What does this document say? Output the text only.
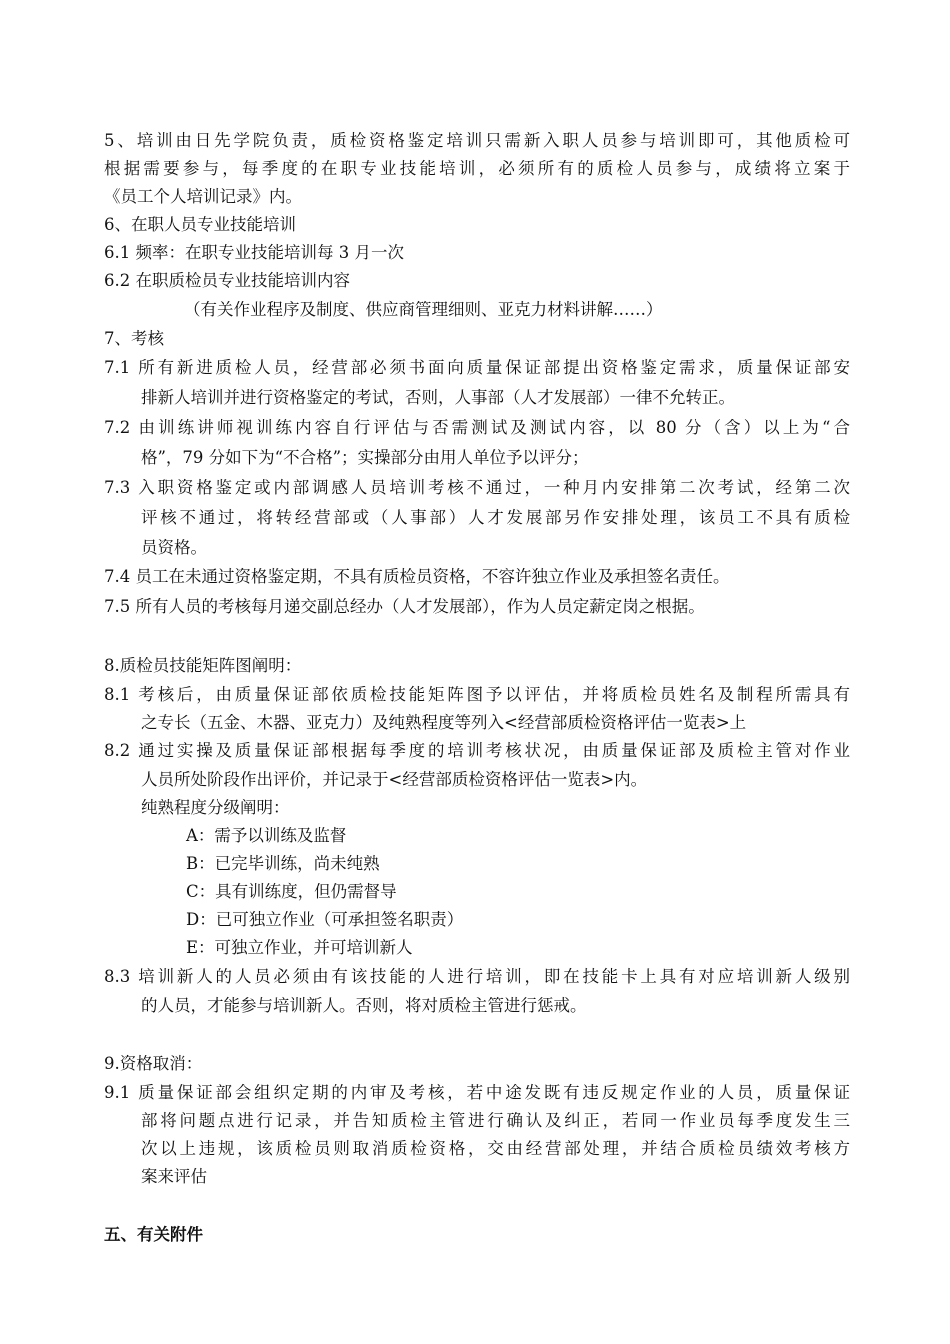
5、培训由日先学院负责，质检资格鉴定培训只需新入职人员参与培训即可，其他质检可
根据需要参与，每季度的在职专业技能培训，必须所有的质检人员参与，成绩将立案于
《员工个人培训记录》内。
6、在职人员专业技能培训
6.1 频率：在职专业技能培训每 3 月一次
6.2 在职质检员专业技能培训内容
（有关作业程序及制度、供应商管理细则、亚克力材料讲解……）
7、考核
7.1 所有新进质检人员，经营部必须书面向质量保证部提出资格鉴定需求，质量保证部安
排新人培训并进行资格鉴定的考试，否则，人事部（人才发展部）一律不允转正。
7.2 由训练讲师视训练内容自行评估与否需测试及测试内容，以 80 分（含）以上为“合
格”，79 分如下为“不合格”；实操部分由用人单位予以评分；
7.3 入职资格鉴定或内部调感人员培训考核不通过，一种月内安排第二次考试，经第二次
评核不通过，将转经营部或（人事部）人才发展部另作安排处理，该员工不具有质检
员资格。
7.4 员工在未通过资格鉴定期，不具有质检员资格，不容许独立作业及承担签名责任。
7.5 所有人员的考核每月递交副总经办（人才发展部），作为人员定薪定岗之根据。
8.质检员技能矩阵图阐明：
8.1 考核后，由质量保证部依质检技能矩阵图予以评估，并将质检员姓名及制程所需具有
之专长（五金、木器、亚克力）及纯熟程度等列入<经营部质检资格评估一览表>上
8.2 通过实操及质量保证部根据每季度的培训考核状况，由质量保证部及质检主管对作业
人员所处阶段作出评价，并记录于<经营部质检资格评估一览表>内。
纯熟程度分级阐明：
A：需予以训练及监督
B：已完毕训练，尚未纯熟
C：具有训练度，但仍需督导
D：已可独立作业（可承担签名职责）
E：可独立作业，并可培训新人
8.3 培训新人的人员必须由有该技能的人进行培训，即在技能卡上具有对应培训新人级别
的人员，才能参与培训新人。否则，将对质检主管进行惩戒。
9.资格取消：
9.1 质量保证部会组织定期的内审及考核，若中途发既有违反规定作业的人员，质量保证
部将问题点进行记录，并告知质检主管进行确认及纠正，若同一作业员每季度发生三
次以上违规，该质检员则取消质检资格，交由经营部处理，并结合质检员绩效考核方
案来评估
五、有关附件
